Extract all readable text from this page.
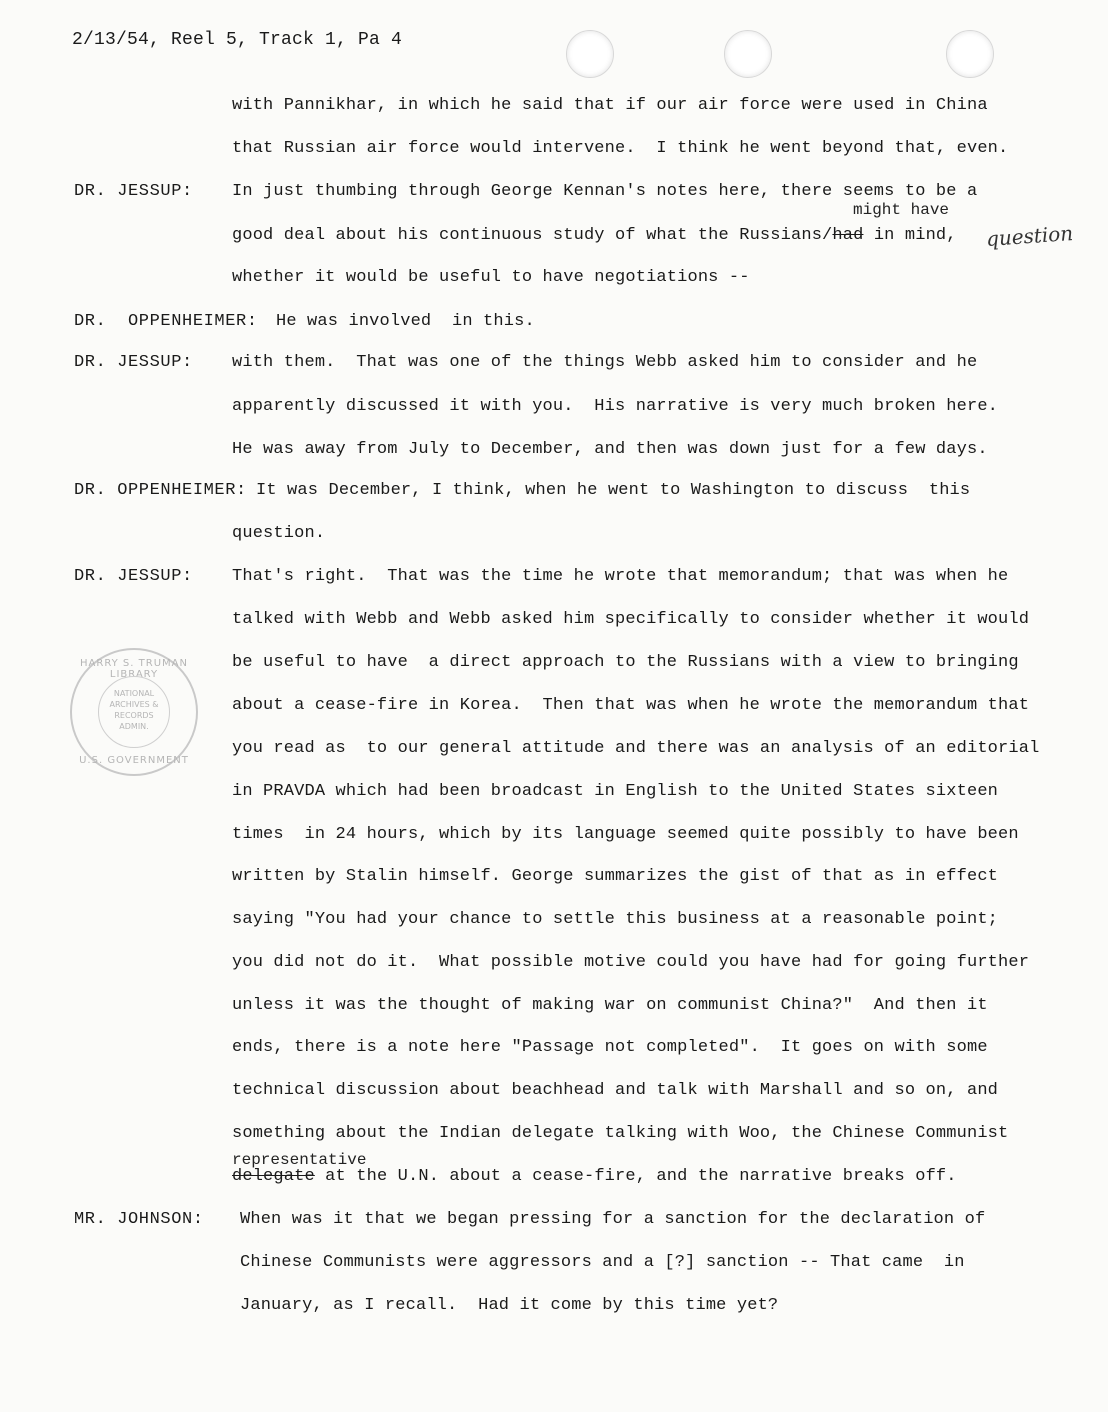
2/13/54, Reel 5, Track 1, Pa 4
HARRY S. TRUMAN LIBRARY
NATIONAL
ARCHIVES &
RECORDS
ADMIN.
U.S. GOVERNMENT
with Pannikhar, in which he said that if our air force were used in China
that Russian air force would intervene.  I think he went beyond that, even.
DR. JESSUP: In just thumbing through George Kennan's notes here, there seems to be a
might have
good deal about his continuous study of what the Russians/had in mind, question
whether it would be useful to have negotiations --
DR.  OPPENHEIMER: He was involved  in this.
DR. JESSUP: with them.  That was one of the things Webb asked him to consider and he
apparently discussed it with you.  His narrative is very much broken here.
He was away from July to December, and then was down just for a few days.
DR. OPPENHEIMER: It was December, I think, when he went to Washington to discuss  this
question.
DR. JESSUP: That's right.  That was the time he wrote that memorandum; that was when he
talked with Webb and Webb asked him specifically to consider whether it would
be useful to have  a direct approach to the Russians with a view to bringing
about a cease-fire in Korea.  Then that was when he wrote the memorandum that
you read as  to our general attitude and there was an analysis of an editorial
in PRAVDA which had been broadcast in English to the United States sixteen
times  in 24 hours, which by its language seemed quite possibly to have been
written by Stalin himself. George summarizes the gist of that as in effect
saying "You had your chance to settle this business at a reasonable point;
you did not do it.  What possible motive could you have had for going further
unless it was the thought of making war on communist China?"  And then it
ends, there is a note here "Passage not completed".  It goes on with some
technical discussion about beachhead and talk with Marshall and so on, and
something about the Indian delegate talking with Woo, the Chinese Communist
representative
delegate at the U.N. about a cease-fire, and the narrative breaks off.
MR. JOHNSON: When was it that we began pressing for a sanction for the declaration of
Chinese Communists were aggressors and a [?] sanction -- That came  in
January, as I recall.  Had it come by this time yet?
